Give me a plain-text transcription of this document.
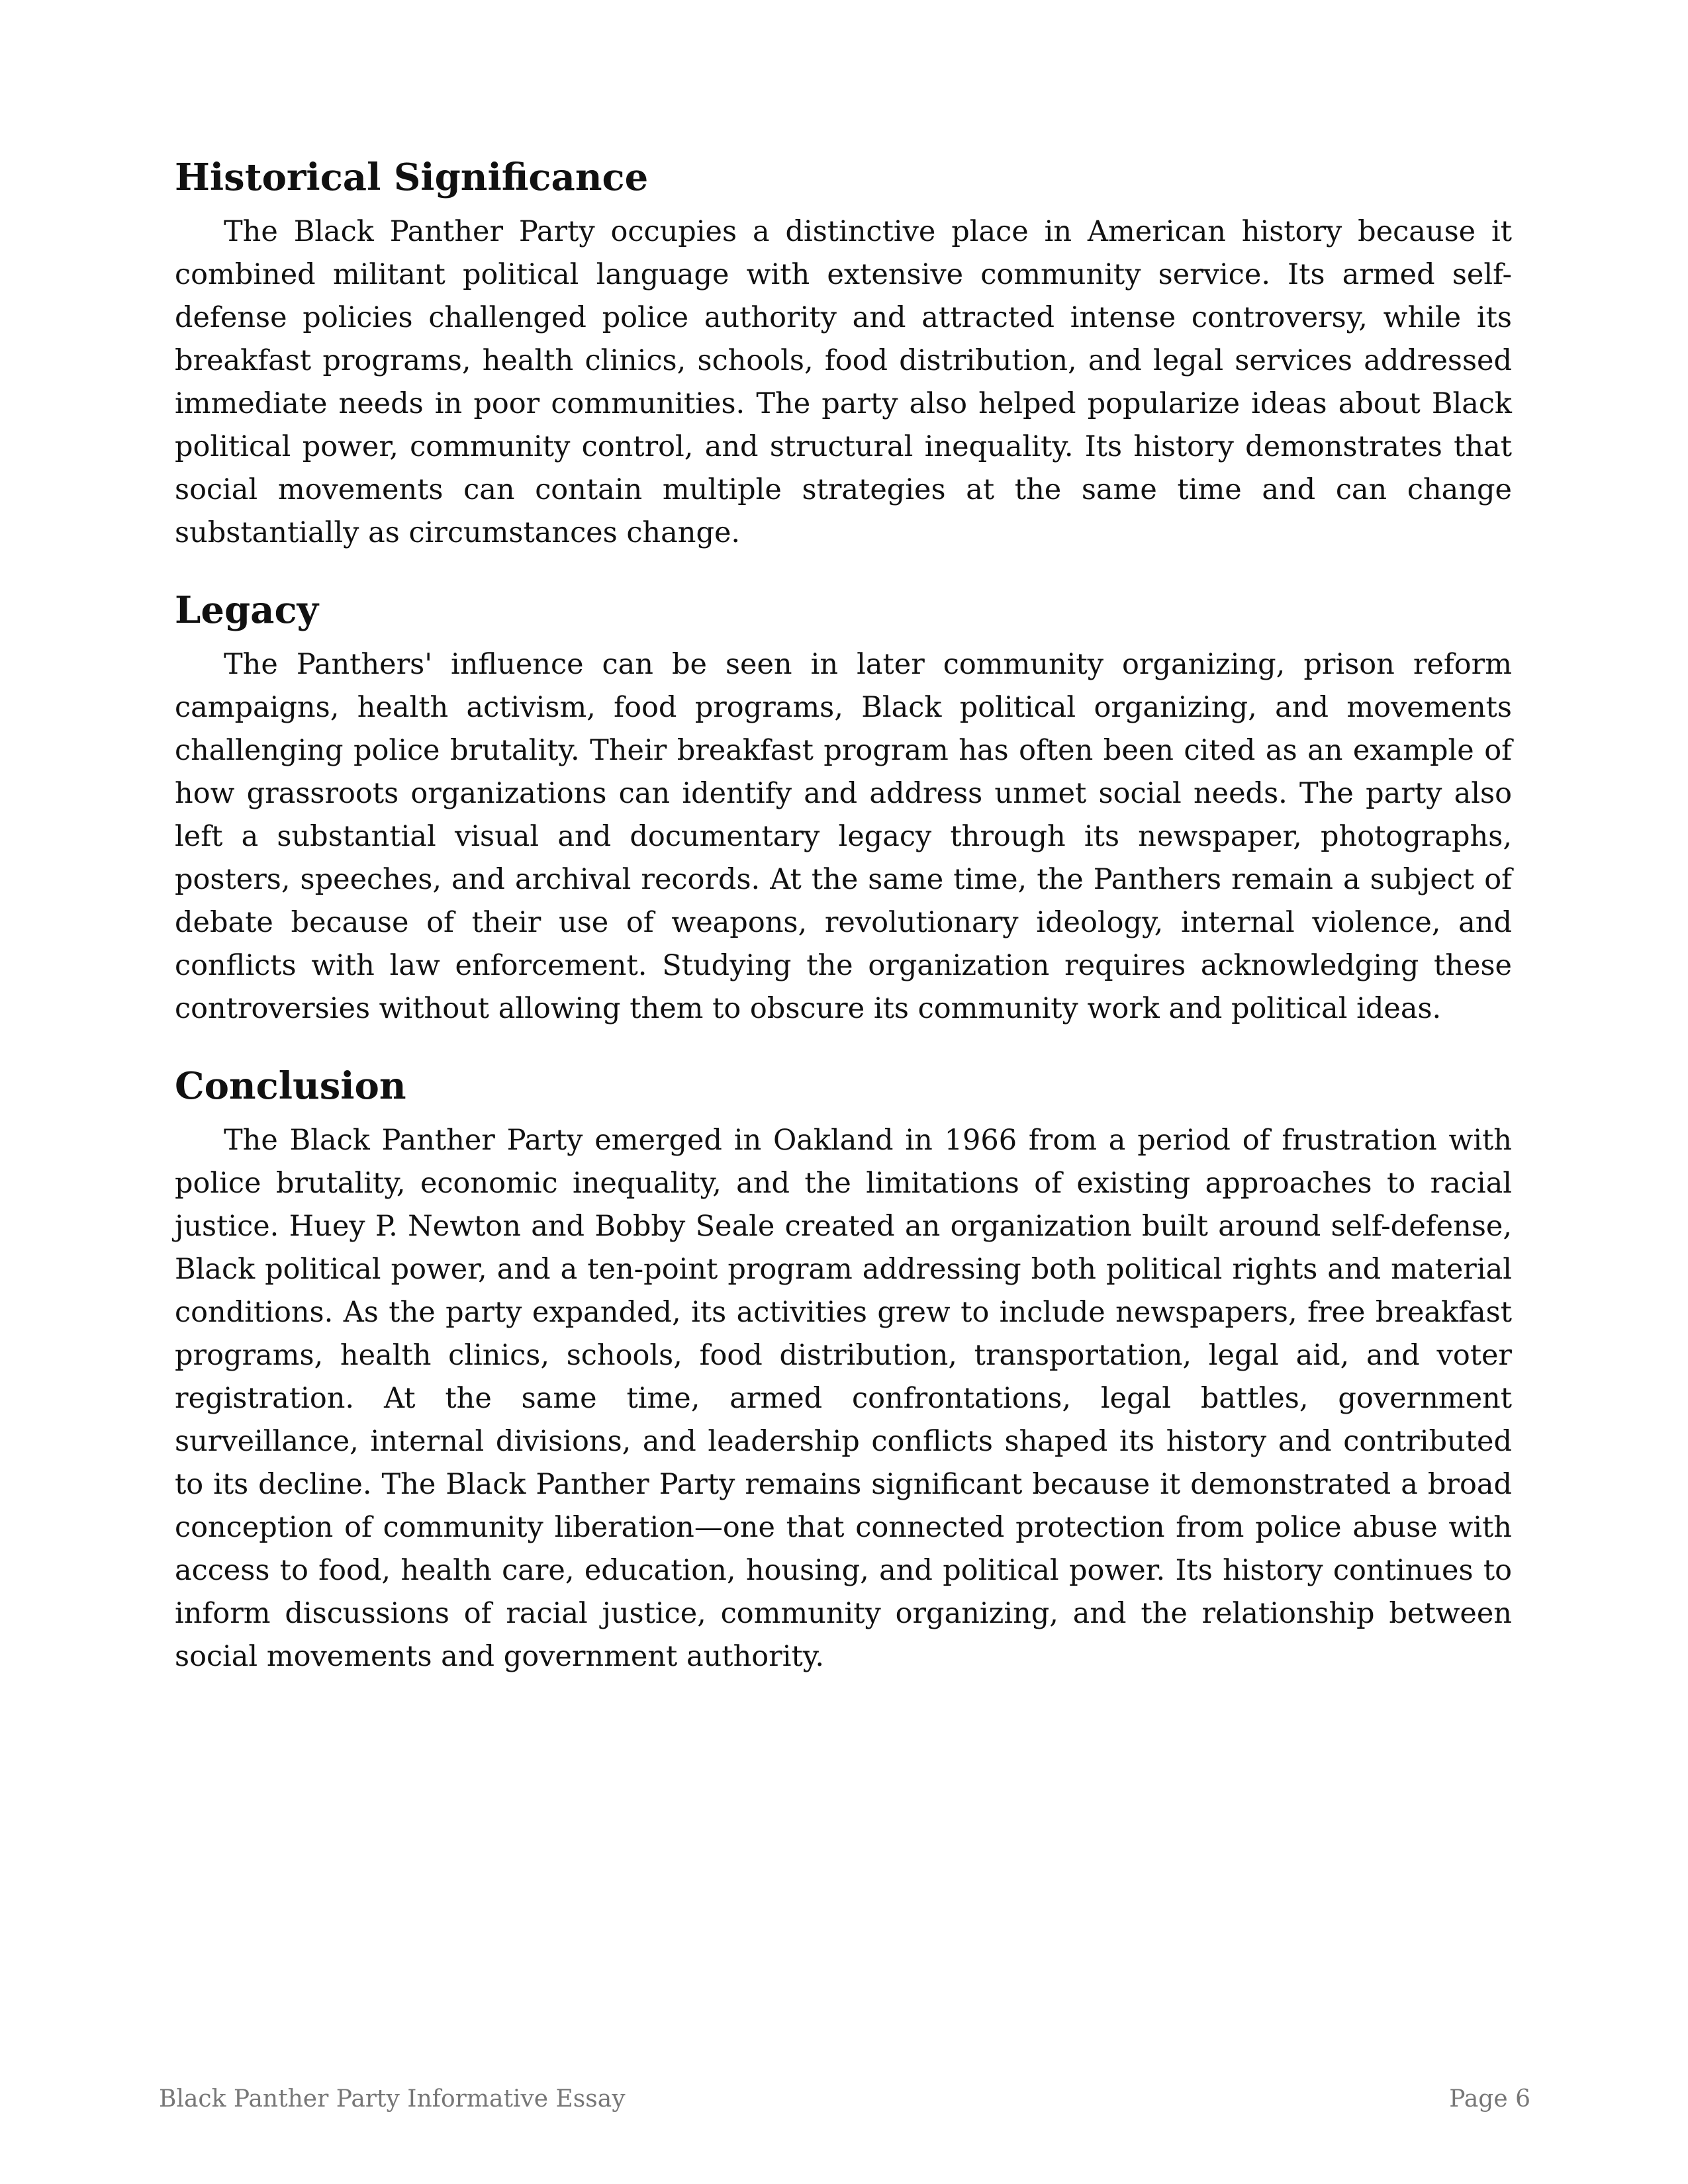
Historical Significance

The Black Panther Party occupies a distinctive place in American history because it combined militant political language with extensive community service. Its armed self-defense policies challenged police authority and attracted intense controversy, while its breakfast programs, health clinics, schools, food distribution, and legal services addressed immediate needs in poor communities. The party also helped popularize ideas about Black political power, community control, and structural inequality. Its history demonstrates that social movements can contain multiple strategies at the same time and can change substantially as circumstances change.

Legacy

The Panthers' influence can be seen in later community organizing, prison reform campaigns, health activism, food programs, Black political organizing, and movements challenging police brutality. Their breakfast program has often been cited as an example of how grassroots organizations can identify and address unmet social needs. The party also left a substantial visual and documentary legacy through its newspaper, photographs, posters, speeches, and archival records. At the same time, the Panthers remain a subject of debate because of their use of weapons, revolutionary ideology, internal violence, and conflicts with law enforcement. Studying the organization requires acknowledging these controversies without allowing them to obscure its community work and political ideas.

Conclusion

The Black Panther Party emerged in Oakland in 1966 from a period of frustration with police brutality, economic inequality, and the limitations of existing approaches to racial justice. Huey P. Newton and Bobby Seale created an organization built around self-defense, Black political power, and a ten-point program addressing both political rights and material conditions. As the party expanded, its activities grew to include newspapers, free breakfast programs, health clinics, schools, food distribution, transportation, legal aid, and voter registration. At the same time, armed confrontations, legal battles, government surveillance, internal divisions, and leadership conflicts shaped its history and contributed to its decline. The Black Panther Party remains significant because it demonstrated a broad conception of community liberation—one that connected protection from police abuse with access to food, health care, education, housing, and political power. Its history continues to inform discussions of racial justice, community organizing, and the relationship between social movements and government authority.

Black Panther Party Informative Essay	Page 6
